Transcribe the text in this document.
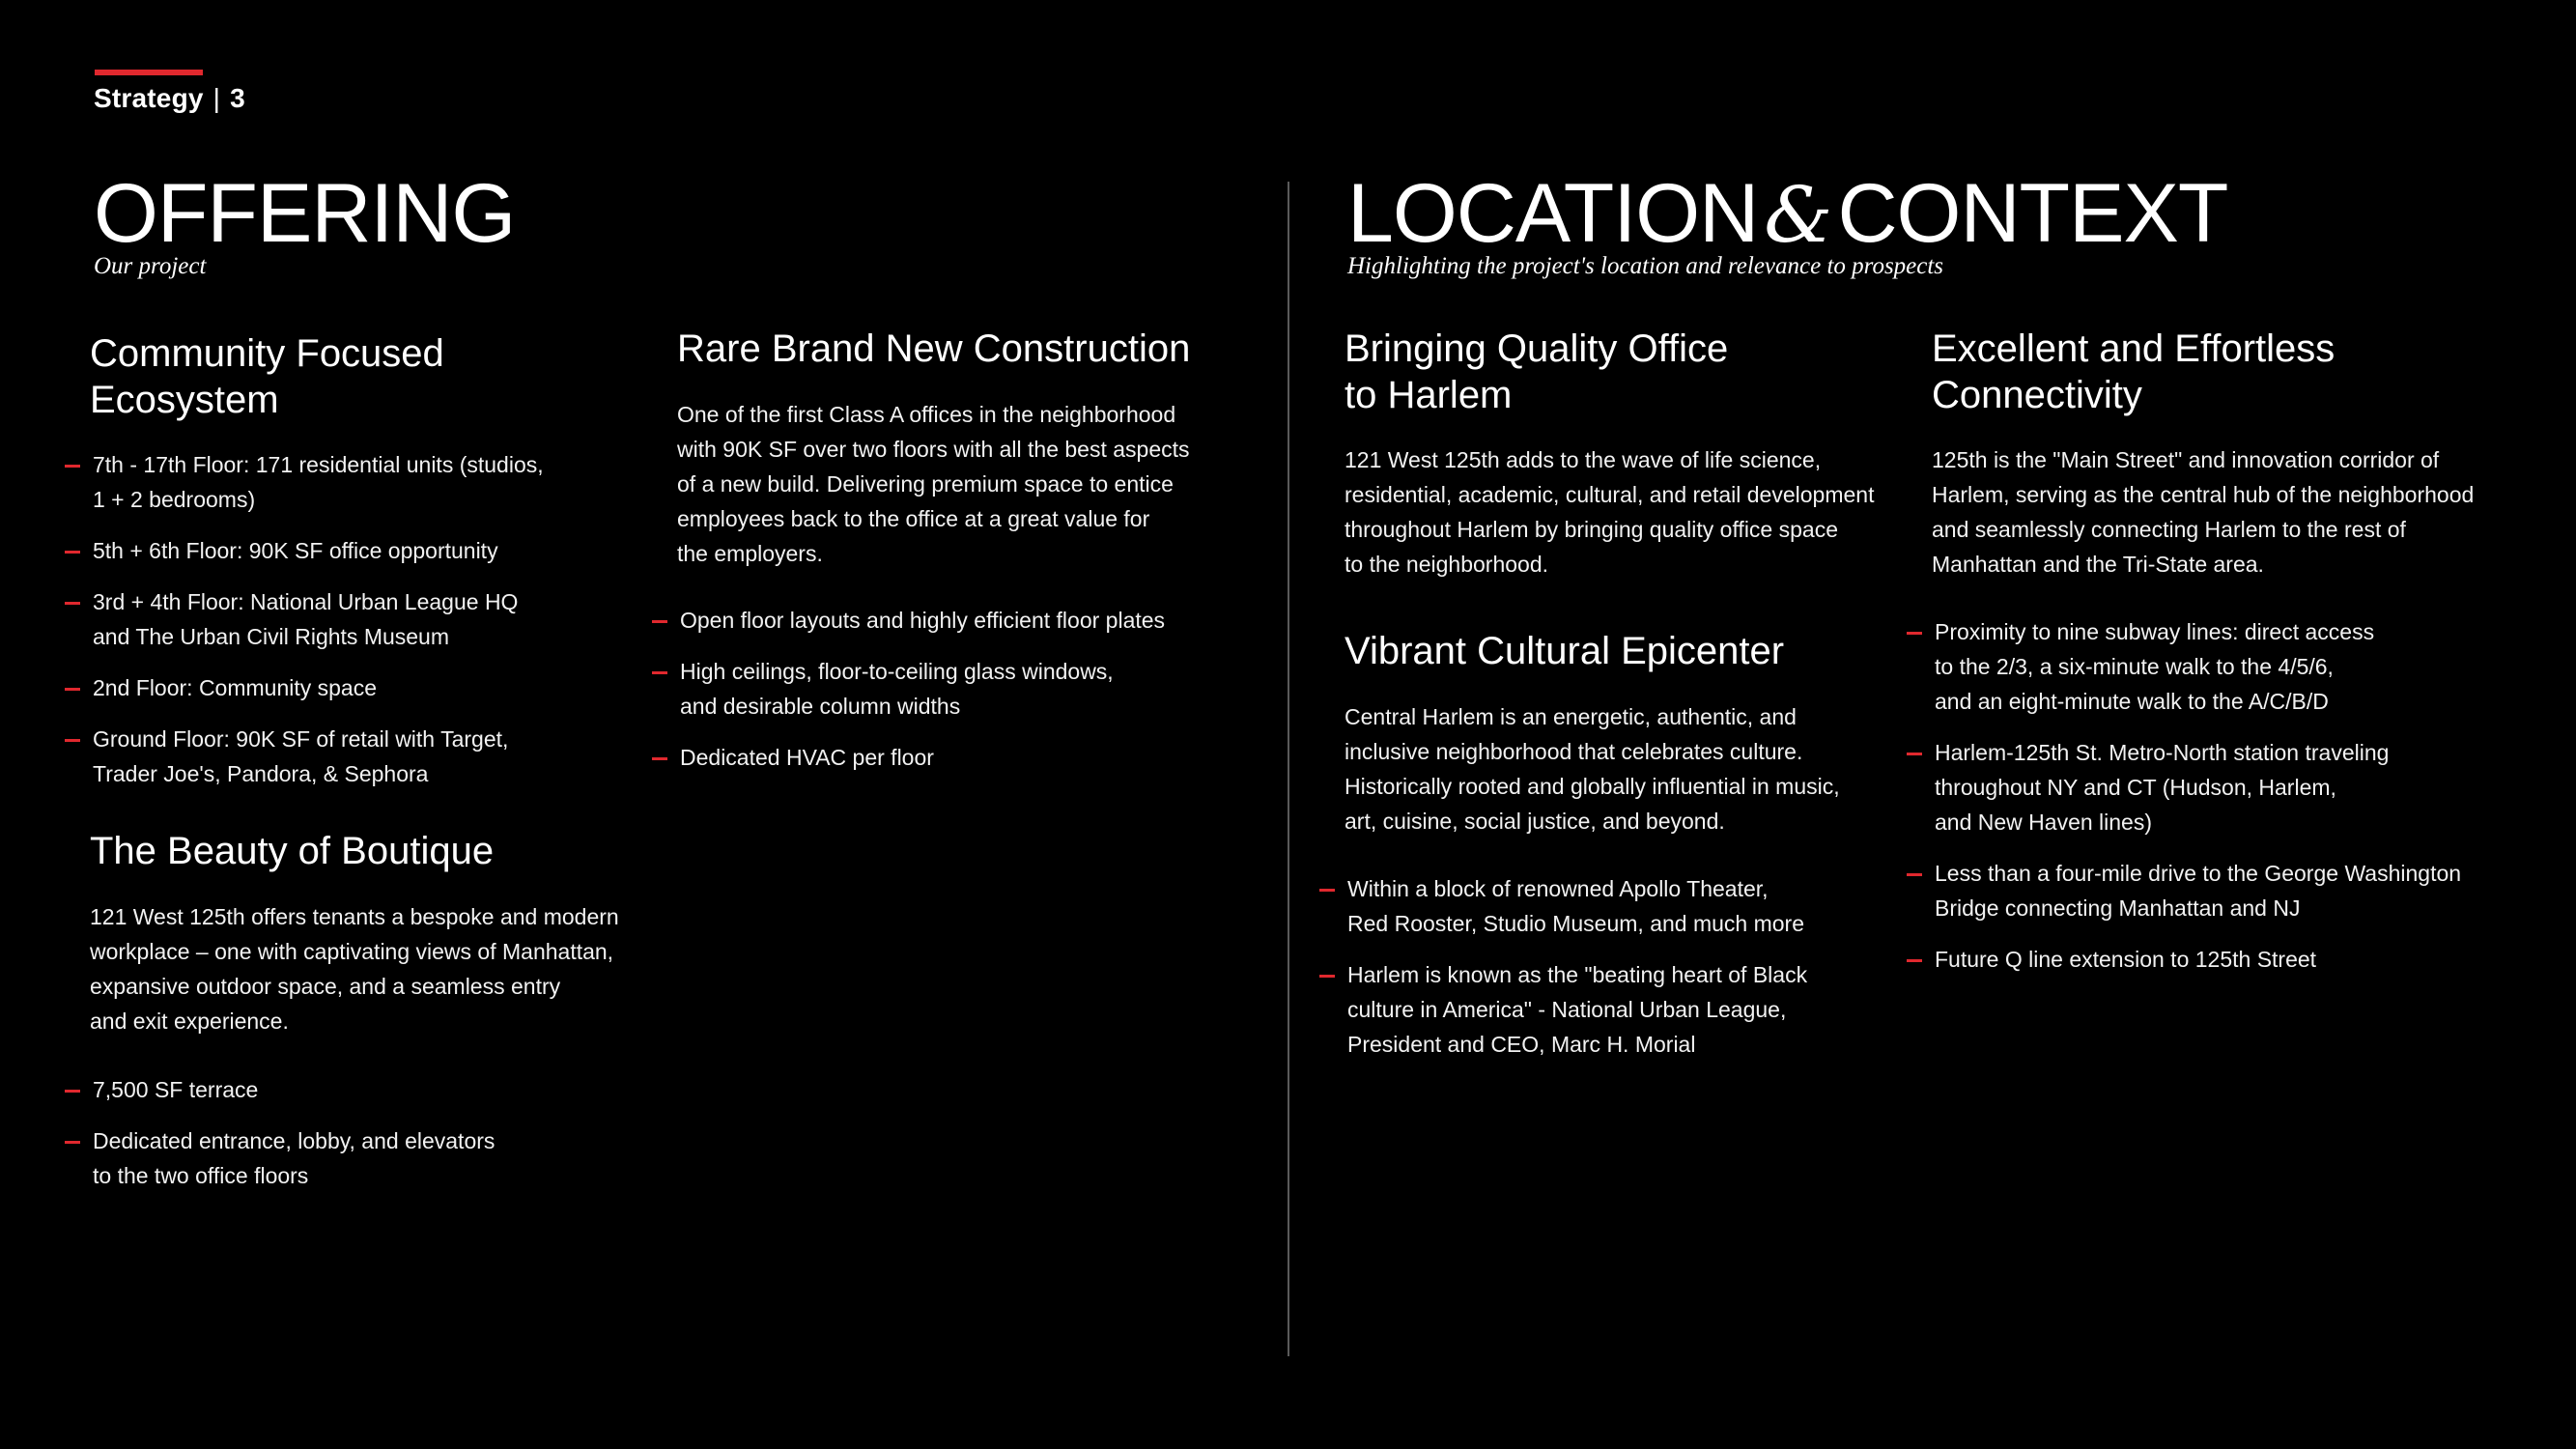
Strategy | 3
OFFERING
Our project
LOCATION&CONTEXT
Highlighting the project's location and relevance to prospects
Community Focused
Ecosystem
7th - 17th Floor: 171 residential units (studios,
1 + 2 bedrooms)
5th + 6th Floor: 90K SF office opportunity
3rd + 4th Floor: National Urban League HQ
and The Urban Civil Rights Museum
2nd Floor: Community space
Ground Floor: 90K SF of retail with Target,
Trader Joe's, Pandora, & Sephora
The Beauty of Boutique
121 West 125th offers tenants a bespoke and modern
workplace – one with captivating views of Manhattan,
expansive outdoor space, and a seamless entry
and exit experience.
7,500 SF terrace
Dedicated entrance, lobby, and elevators
to the two office floors
Rare Brand New Construction
One of the first Class A offices in the neighborhood
with 90K SF over two floors with all the best aspects
of a new build. Delivering premium space to entice
employees back to the office at a great value for
the employers.
Open floor layouts and highly efficient floor plates
High ceilings, floor-to-ceiling glass windows,
and desirable column widths
Dedicated HVAC per floor
Bringing Quality Office
to Harlem
121 West 125th adds to the wave of life science,
residential, academic, cultural, and retail development
throughout Harlem by bringing quality office space
to the neighborhood.
Vibrant Cultural Epicenter
Central Harlem is an energetic, authentic, and
inclusive neighborhood that celebrates culture.
Historically rooted and globally influential in music,
art, cuisine, social justice, and beyond.
Within a block of renowned Apollo Theater,
Red Rooster, Studio Museum, and much more
Harlem is known as the "beating heart of Black
culture in America" - National Urban League,
President and CEO, Marc H. Morial
Excellent and Effortless
Connectivity
125th is the "Main Street" and innovation corridor of
Harlem, serving as the central hub of the neighborhood
and seamlessly connecting Harlem to the rest of
Manhattan and the Tri-State area.
Proximity to nine subway lines: direct access
to the 2/3, a six-minute walk to the 4/5/6,
and an eight-minute walk to the A/C/B/D
Harlem-125th St. Metro-North station traveling
throughout NY and CT (Hudson, Harlem,
and New Haven lines)
Less than a four-mile drive to the George Washington
Bridge connecting Manhattan and NJ
Future Q line extension to 125th Street
